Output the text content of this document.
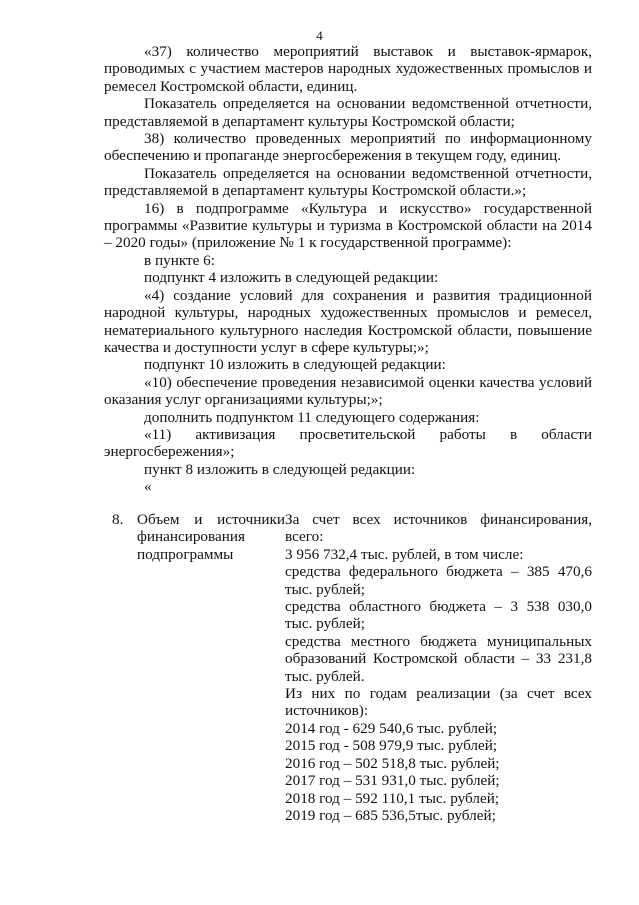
4

«37) количество мероприятий выставок и выставок-ярмарок, проводимых с участием мастеров народных художественных промыслов и ремесел Костромской области, единиц.

Показатель определяется на основании ведомственной отчетности, представляемой в департамент культуры Костромской области;

38) количество проведенных мероприятий по информационному обеспечению и пропаганде энергосбережения в текущем году, единиц.

Показатель определяется на основании ведомственной отчетности, представляемой в департамент культуры Костромской области.»;

16) в подпрограмме «Культура и искусство» государственной программы «Развитие культуры и туризма в Костромской области на 2014 – 2020 годы» (приложение № 1 к государственной программе):

в пункте 6:

подпункт 4 изложить в следующей редакции:

«4) создание условий для сохранения и развития традиционной народной культуры, народных художественных промыслов и ремесел, нематериального культурного наследия Костромской области, повышение качества и доступности услуг в сфере культуры;»;

подпункт 10 изложить в следующей редакции:

«10) обеспечение проведения независимой оценки качества условий оказания услуг организациями культуры;»;

дополнить подпунктом 11 следующего содержания:

«11) активизация просветительской работы в области энергосбережения»;

пункт 8 изложить в следующей редакции:

«

8. Объем и источники
финансирования подпрограммы

За счет всех источников финансирования, всего:

3 956 732,4 тыс. рублей, в том числе:

средства федерального бюджета – 385 470,6 тыс. рублей;

средства областного бюджета – 3 538 030,0 тыс. рублей;

средства местного бюджета муниципальных образований Костромской области – 33 231,8 тыс. рублей.

Из них по годам реализации (за счет всех источников):

2014 год - 629 540,6 тыс. рублей;

2015 год - 508 979,9 тыс. рублей;

2016 год – 502 518,8 тыс. рублей;

2017 год – 531 931,0 тыс. рублей;

2018 год – 592 110,1 тыс. рублей;

2019 год – 685 536,5тыс. рублей;
